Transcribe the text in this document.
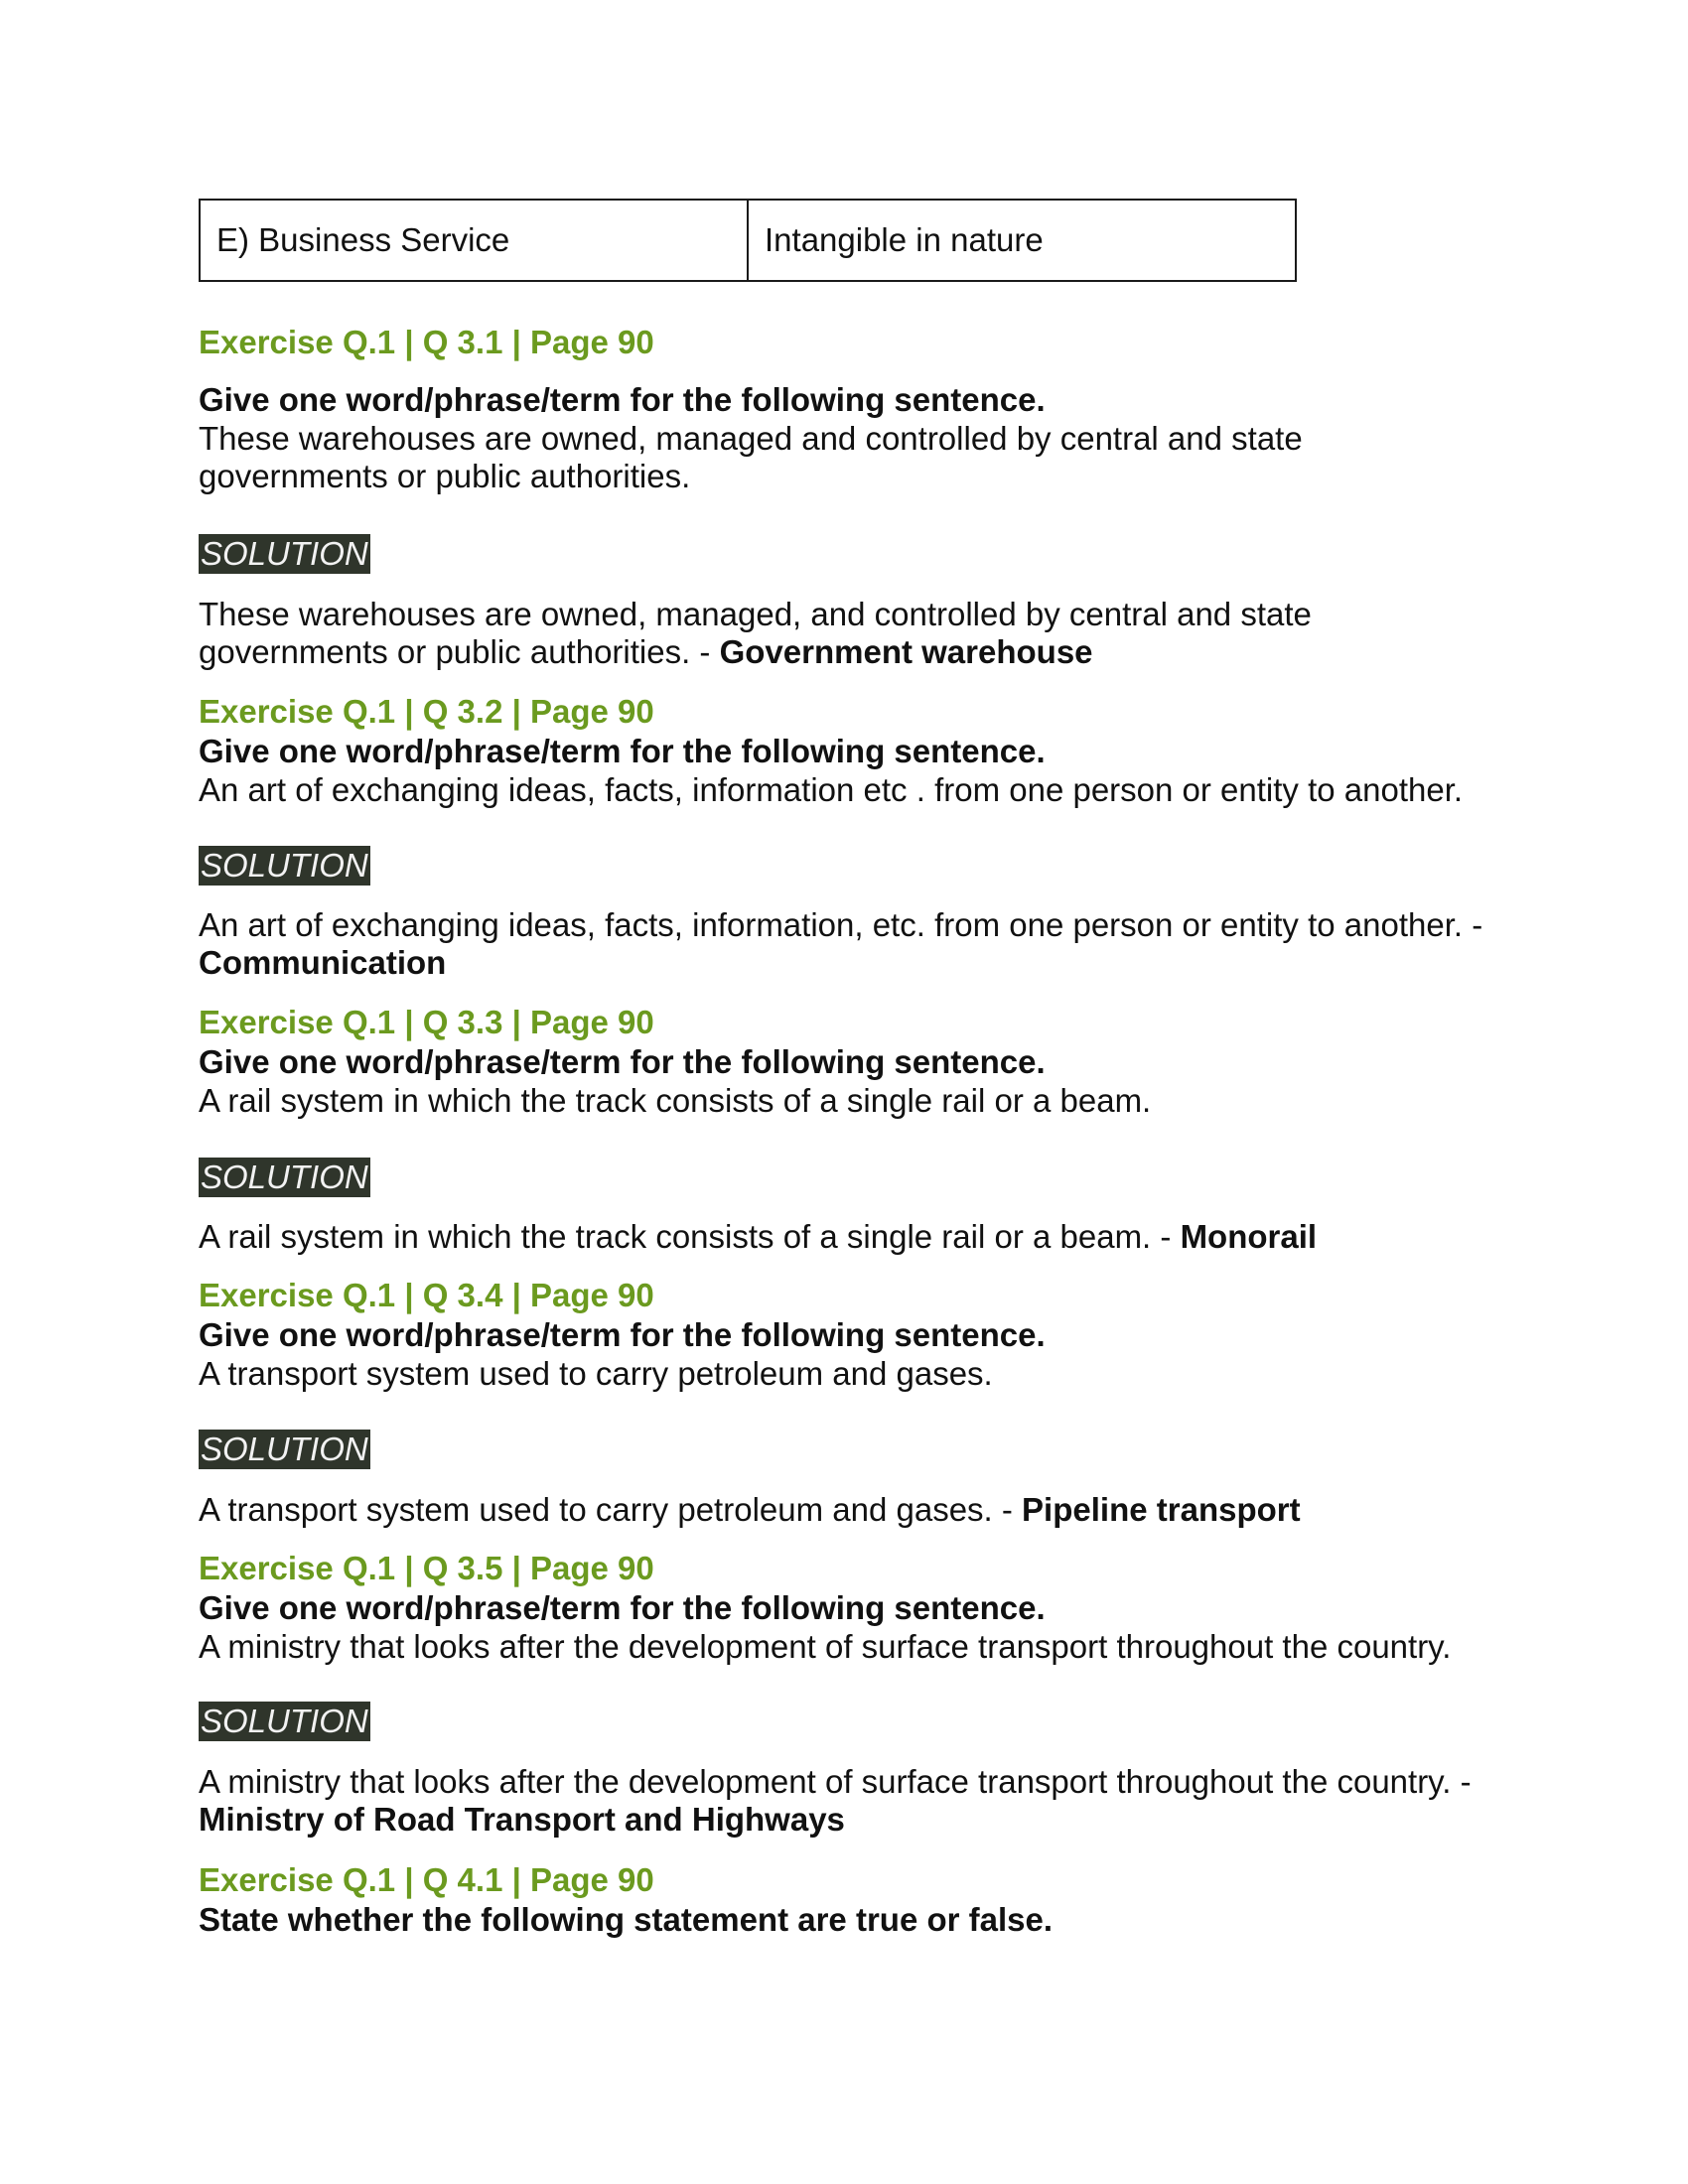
E) Business Service	Intangible in nature
Exercise Q.1 | Q 3.1 | Page 90
Give one word/phrase/term for the following sentence.
These warehouses are owned, managed and controlled by central and state governments or public authorities.
SOLUTION
These warehouses are owned, managed, and controlled by central and state governments or public authorities. - Government warehouse
Exercise Q.1 | Q 3.2 | Page 90
Give one word/phrase/term for the following sentence.
An art of exchanging ideas, facts, information etc . from one person or entity to another.
SOLUTION
An art of exchanging ideas, facts, information, etc. from one person or entity to another. -
Communication
Exercise Q.1 | Q 3.3 | Page 90
Give one word/phrase/term for the following sentence.
A rail system in which the track consists of a single rail or a beam.
SOLUTION
A rail system in which the track consists of a single rail or a beam. - Monorail
Exercise Q.1 | Q 3.4 | Page 90
Give one word/phrase/term for the following sentence.
A transport system used to carry petroleum and gases.
SOLUTION
A transport system used to carry petroleum and gases. - Pipeline transport
Exercise Q.1 | Q 3.5 | Page 90
Give one word/phrase/term for the following sentence.
A ministry that looks after the development of surface transport throughout the country.
SOLUTION
A ministry that looks after the development of surface transport throughout the country. -
Ministry of Road Transport and Highways
Exercise Q.1 | Q 4.1 | Page 90
State whether the following statement are true or false.
